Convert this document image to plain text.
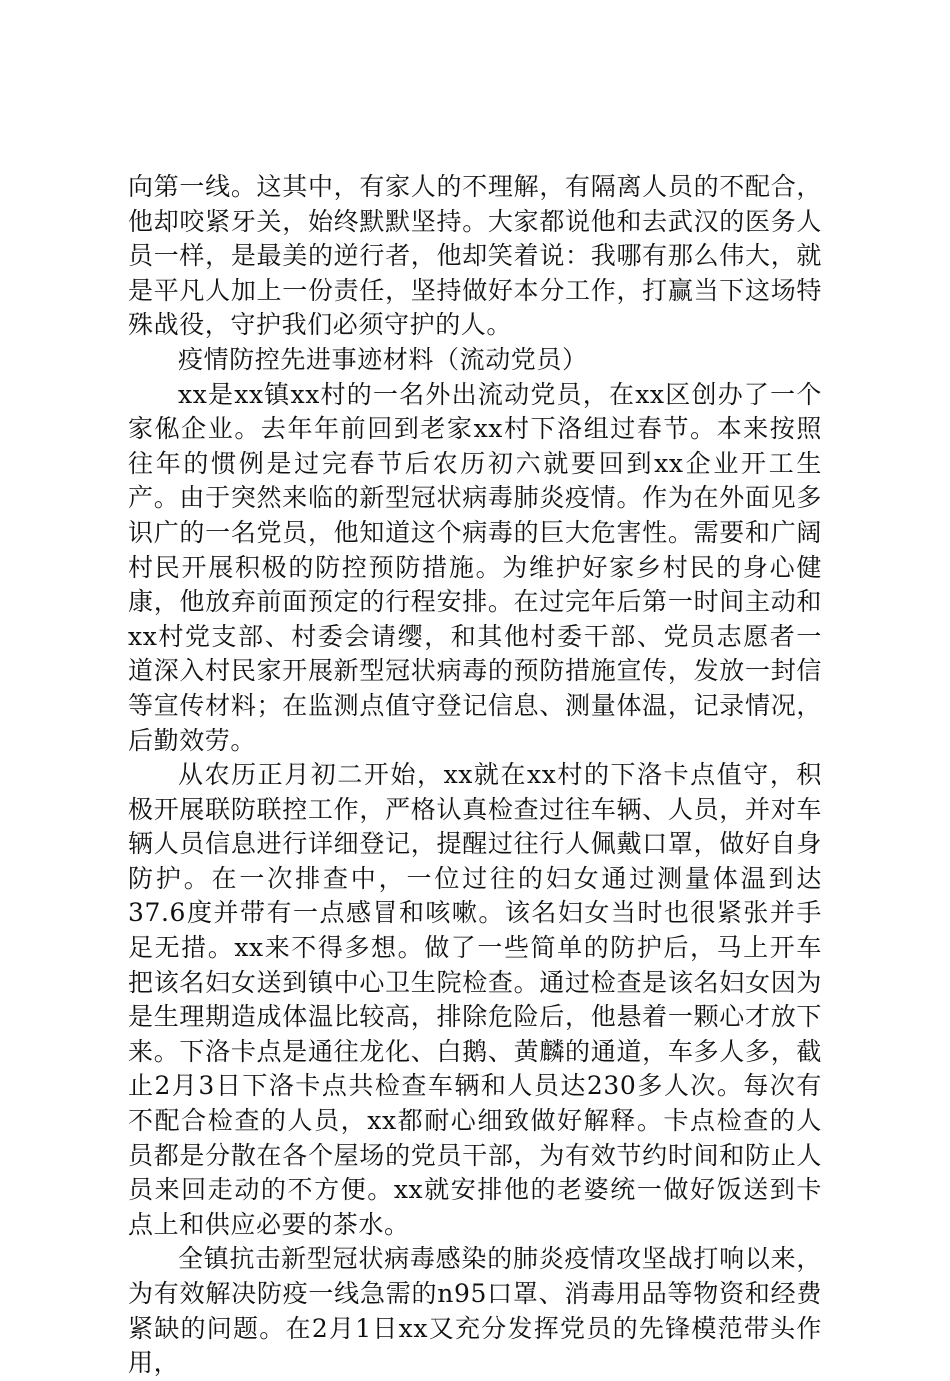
向第一线。这其中，有家人的不理解，有隔离人员的不配合，他却咬紧牙关，始终默默坚持。大家都说他和去武汉的医务人员一样，是最美的逆行者，他却笑着说：我哪有那么伟大，就是平凡人加上一份责任，坚持做好本分工作，打赢当下这场特殊战役，守护我们必须守护的人。

疫情防控先进事迹材料（流动党员）

xx是xx镇xx村的一名外出流动党员，在xx区创办了一个家俬企业。去年年前回到老家xx村下洛组过春节。本来按照往年的惯例是过完春节后农历初六就要回到xx企业开工生产。由于突然来临的新型冠状病毒肺炎疫情。作为在外面见多识广的一名党员，他知道这个病毒的巨大危害性。需要和广阔村民开展积极的防控预防措施。为维护好家乡村民的身心健康，他放弃前面预定的行程安排。在过完年后第一时间主动和xx村党支部、村委会请缨，和其他村委干部、党员志愿者一道深入村民家开展新型冠状病毒的预防措施宣传，发放一封信等宣传材料；在监测点值守登记信息、测量体温，记录情况，后勤效劳。

从农历正月初二开始，xx就在xx村的下洛卡点值守，积极开展联防联控工作，严格认真检查过往车辆、人员，并对车辆人员信息进行详细登记，提醒过往行人佩戴口罩，做好自身防护。在一次排查中，一位过往的妇女通过测量体温到达37.6度并带有一点感冒和咳嗽。该名妇女当时也很紧张并手足无措。xx来不得多想。做了一些简单的防护后，马上开车把该名妇女送到镇中心卫生院检查。通过检查是该名妇女因为是生理期造成体温比较高，排除危险后，他悬着一颗心才放下来。下洛卡点是通往龙化、白鹅、黄麟的通道，车多人多，截止2月3日下洛卡点共检查车辆和人员达230多人次。每次有不配合检查的人员，xx都耐心细致做好解释。卡点检查的人员都是分散在各个屋场的党员干部，为有效节约时间和防止人员来回走动的不方便。xx就安排他的老婆统一做好饭送到卡点上和供应必要的茶水。

全镇抗击新型冠状病毒感染的肺炎疫情攻坚战打响以来，为有效解决防疫一线急需的n95口罩、消毒用品等物资和经费紧缺的问题。在2月1日xx又充分发挥党员的先锋模范带头作用，
